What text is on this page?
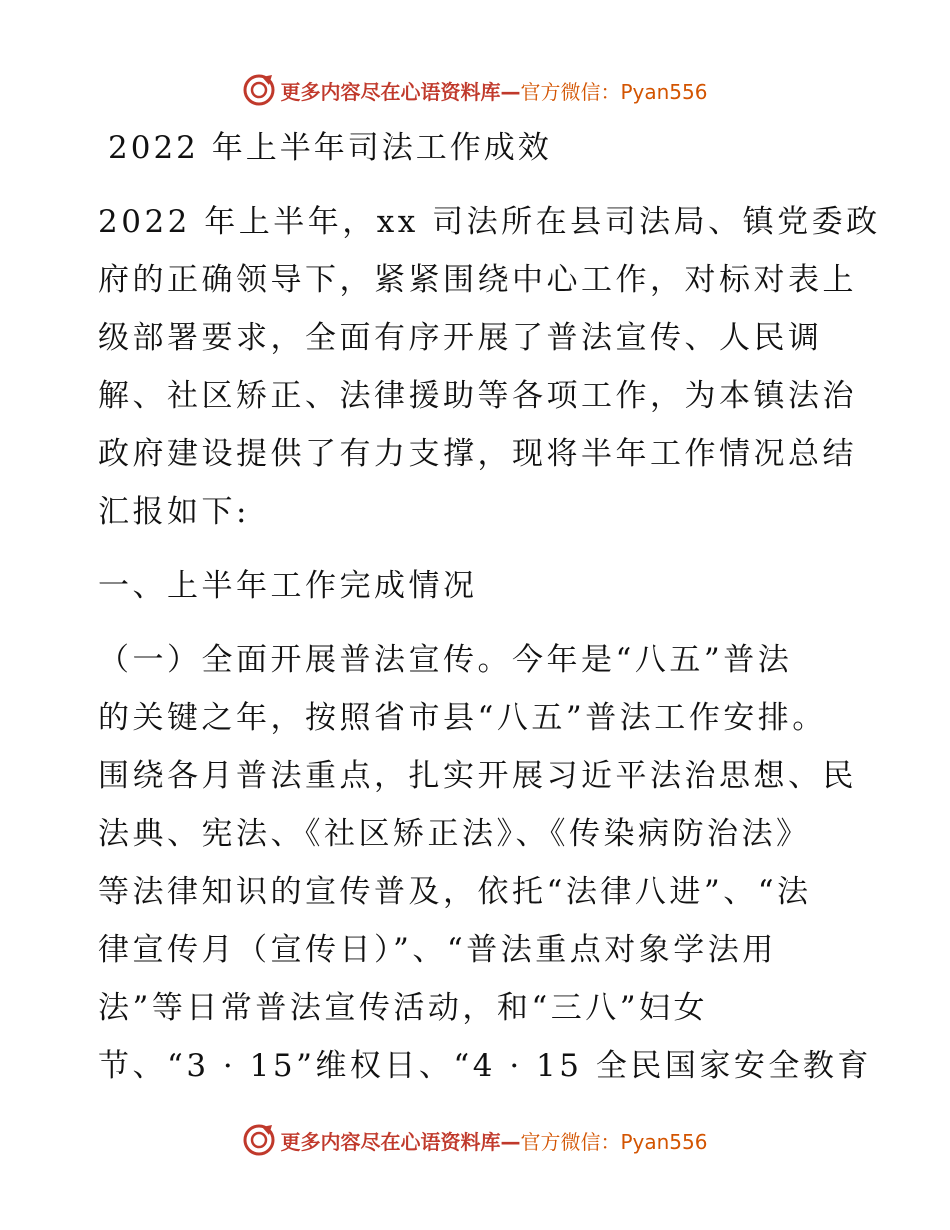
更多内容尽在心语资料库—官方微信：Pyan556
2022 年上半年司法工作成效
2022 年上半年，xx 司法所在县司法局、镇党委政
府的正确领导下，紧紧围绕中心工作，对标对表上
级部署要求，全面有序开展了普法宣传、人民调
解、社区矫正、法律援助等各项工作，为本镇法治
政府建设提供了有力支撑，现将半年工作情况总结
汇报如下:
一、上半年工作完成情况
（一）全面开展普法宣传。今年是“八五”普法
的关键之年，按照省市县“八五”普法工作安排。
围绕各月普法重点，扎实开展习近平法治思想、民
法典、宪法、《社区矫正法》、《传染病防治法》
等法律知识的宣传普及，依托“法律八进”、“法
律宣传月（宣传日）”、“普法重点对象学法用
法”等日常普法宣传活动，和“三八”妇女
节、“3 · 15”维权日、“4 · 15 全民国家安全教育
更多内容尽在心语资料库—官方微信：Pyan556
